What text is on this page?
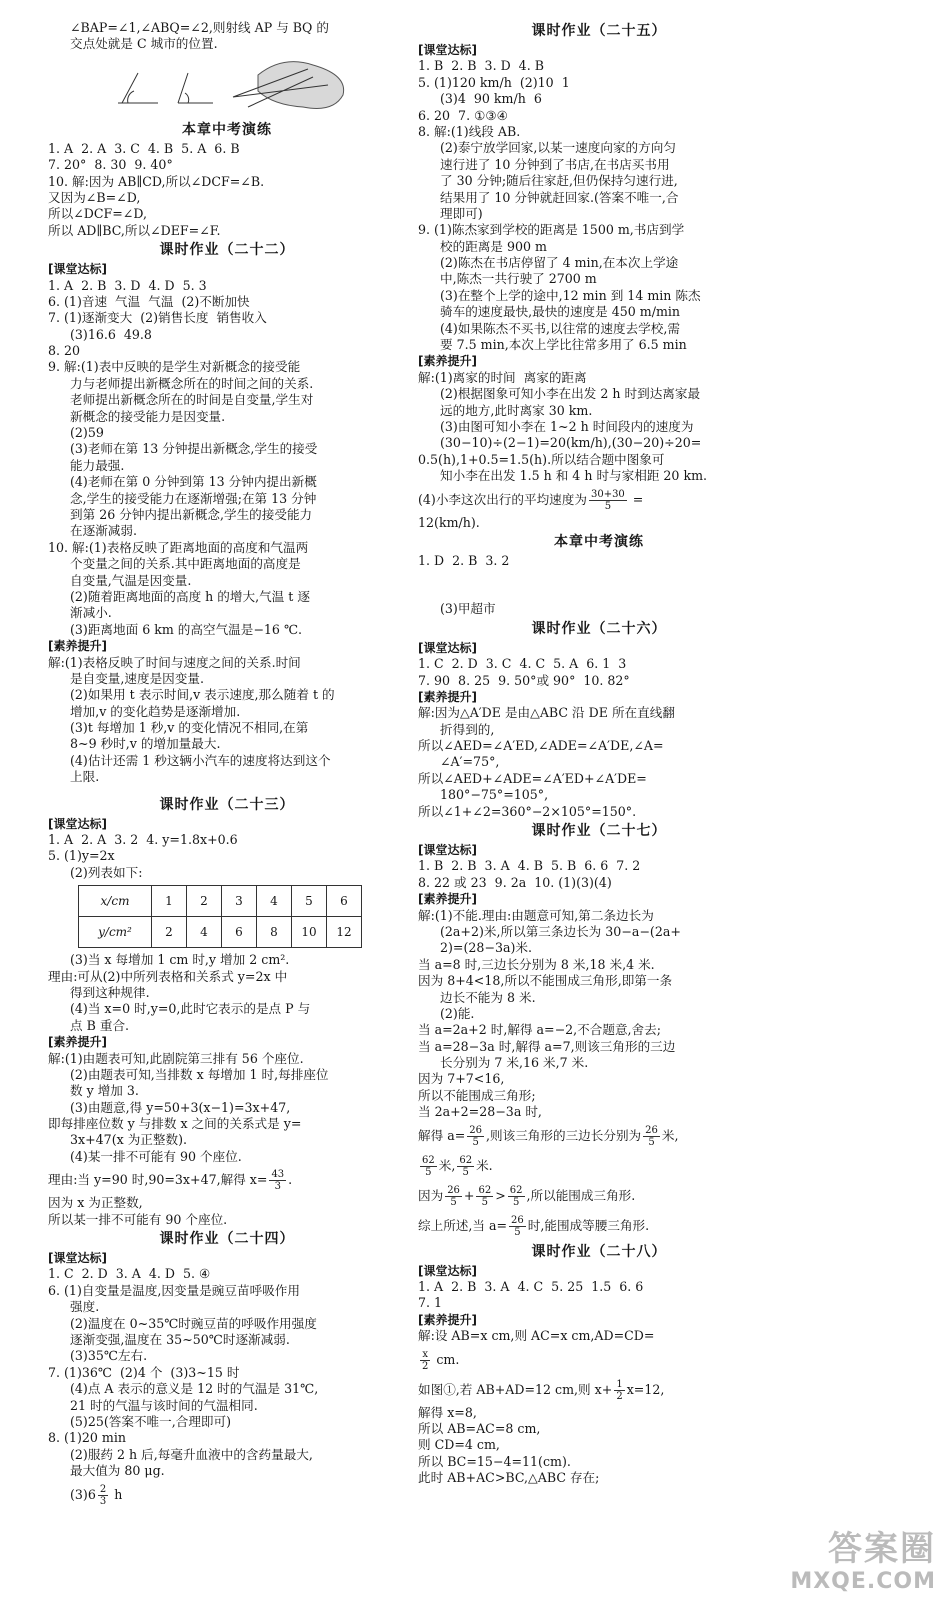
∠BAP=∠1,∠ABQ=∠2,则射线 AP 与 BQ 的
交点处就是 C 城市的位置.
本章中考演练
1. A  2. A  3. C  4. B  5. A  6. B
7. 20°  8. 30  9. 40°
10. 解:因为 AB∥CD,所以∠DCF=∠B.
又因为∠B=∠D,
所以∠DCF=∠D,
所以 AD∥BC,所以∠DEF=∠F.
课时作业（二十二）
[课堂达标]
1. A  2. B  3. D  4. D  5. 3
6. (1)音速  气温  气温  (2)不断加快
7. (1)逐渐变大  (2)销售长度  销售收入
(3)16.6  49.8
8. 20
9. 解:(1)表中反映的是学生对新概念的接受能
力与老师提出新概念所在的时间之间的关系.
老师提出新概念所在的时间是自变量,学生对
新概念的接受能力是因变量.
(2)59
(3)老师在第 13 分钟提出新概念,学生的接受
能力最强.
(4)老师在第 0 分钟到第 13 分钟内提出新概
念,学生的接受能力在逐渐增强;在第 13 分钟
到第 26 分钟内提出新概念,学生的接受能力
在逐渐减弱.
10. 解:(1)表格反映了距离地面的高度和气温两
个变量之间的关系.其中距离地面的高度是
自变量,气温是因变量.
(2)随着距离地面的高度 h 的增大,气温 t 逐
渐减小.
(3)距离地面 6 km 的高空气温是−16 ℃.
[素养提升]
解:(1)表格反映了时间与速度之间的关系.时间
是自变量,速度是因变量.
(2)如果用 t 表示时间,v 表示速度,那么随着 t 的
增加,v 的变化趋势是逐渐增加.
(3)t 每增加 1 秒,v 的变化情况不相同,在第
8~9 秒时,v 的增加量最大.
(4)估计还需 1 秒这辆小汽车的速度将达到这个
上限.
课时作业（二十三）
[课堂达标]
1. A  2. A  3. 2  4. y=1.8x+0.6
5. (1)y=2x
(2)列表如下:
x/cm	1	2	3	4	5	6
y/cm²	2	4	6	8	10	12
(3)当 x 每增加 1 cm 时,y 增加 2 cm².
理由:可从(2)中所列表格和关系式 y=2x 中
得到这种规律.
(4)当 x=0 时,y=0,此时它表示的是点 P 与
点 B 重合.
[素养提升]
解:(1)由题表可知,此剧院第三排有 56 个座位.
(2)由题表可知,当排数 x 每增加 1 时,每排座位
数 y 增加 3.
(3)由题意,得 y=50+3(x−1)=3x+47,
即每排座位数 y 与排数 x 之间的关系式是 y=
3x+47(x 为正整数).
(4)某一排不可能有 90 个座位.
理由:当 y=90 时,90=3x+47,解得 $x= \frac{43}{3}$ .
因为 x 为正整数,
所以某一排不可能有 90 个座位.
课时作业（二十四）
[课堂达标]
1. C  2. D  3. A  4. D  5. ④
6. (1)自变量是温度,因变量是豌豆苗呼吸作用
强度.
(2)温度在 0~35℃时豌豆苗的呼吸作用强度
逐渐变强,温度在 35~50℃时逐渐减弱.
(3)35℃左右.
7. (1)36℃  (2)4 个  (3)3~15 时
(4)点 A 表示的意义是 12 时的气温是 31℃,
21 时的气温与该时间的气温相同.
(5)25(答案不唯一,合理即可)
8. (1)20 min
(2)服药 2 h 后,每毫升血液中的含药量最大,
最大值为 80 μg.
$(3)6 \frac{2}{3}$ h
课时作业（二十五）
[课堂达标]
1. B  2. B  3. D  4. B
5. (1)120 km/h  (2)10  1
(3)4  90 km/h  6
6. 20  7. ①③④
8. 解:(1)线段 AB.
(2)泰宁放学回家,以某一速度向家的方向匀
速行进了 10 分钟到了书店,在书店买书用
了 30 分钟;随后往家赶,但仍保持匀速行进,
结果用了 10 分钟就赶回家.(答案不唯一,合
理即可)
9. (1)陈杰家到学校的距离是 1500 m,书店到学
校的距离是 900 m
(2)陈杰在书店停留了 4 min,在本次上学途
中,陈杰一共行驶了 2700 m
(3)在整个上学的途中,12 min 到 14 min 陈杰
骑车的速度最快,最快的速度是 450 m/min
(4)如果陈杰不买书,以往常的速度去学校,需
要 7.5 min,本次上学比往常多用了 6.5 min
[素养提升]
解:(1)离家的时间  离家的距离
(2)根据图象可知小李在出发 2 h 时到达离家最
远的地方,此时离家 30 km.
(3)由图可知小李在 1~2 h 时间段内的速度为
(30−10)÷(2−1)=20(km/h),(30−20)÷20=
0.5(h),1+0.5=1.5(h).所以结合题中图象可
知小李在出发 1.5 h 和 4 h 时与家相距 20 km.
(4)小李这次出行的平均速度为 $\frac{30+30}{5}$ =
12(km/h).
本章中考演练
1. D  2. B  3. 2

(3)甲超市
课时作业（二十六）
[课堂达标]
1. C  2. D  3. C  4. C  5. A  6. 1  3
7. 90  8. 25  9. 50°或 90°  10. 82°
[素养提升]
解:因为△A′DE 是由△ABC 沿 DE 所在直线翻
折得到的,
所以∠AED=∠A′ED,∠ADE=∠A′DE,∠A=
∠A′=75°,
所以∠AED+∠ADE=∠A′ED+∠A′DE=
180°−75°=105°,
所以∠1+∠2=360°−2×105°=150°.
课时作业（二十七）
[课堂达标]
1. B  2. B  3. A  4. B  5. B  6. 6  7. 2
8. 22 或 23  9. 2a  10. (1)(3)(4)
[素养提升]
解:(1)不能.理由:由题意可知,第二条边长为
(2a+2)米,所以第三条边长为 30−a−(2a+
2)=(28−3a)米.
当 a=8 时,三边长分别为 8 米,18 米,4 米.
因为 8+4<18,所以不能围成三角形,即第一条
边长不能为 8 米.
(2)能.
当 a=2a+2 时,解得 a=−2,不合题意,舍去;
当 a=28−3a 时,解得 a=7,则该三角形的三边
长分别为 7 米,16 米,7 米.
因为 7+7<16,
所以不能围成三角形;
当 2a+2=28−3a 时,
解得 $a= \frac{26}{5}$ ,则该三角形的三边长分别为 $\frac{26}{5}$ 米,
$\frac{62}{5}$ 米, $\frac{62}{5}$ 米.
因为 $\frac{26}{5} + \frac{62}{5} > \frac{62}{5}$ ,所以能围成三角形.
综上所述,当 $a= \frac{26}{5}$ 时,能围成等腰三角形.
课时作业（二十八）
[课堂达标]
1. A  2. B  3. A  4. C  5. 25  1.5  6. 6
7. 1
[素养提升]
解:设 AB=x cm,则 AC=x cm,AD=CD=
$\frac{x}{2}$ cm.
如图①,若 AB+AD=12 cm,则 $x+ \frac{1}{2} x=12$,
解得 x=8,
所以 AB=AC=8 cm,
则 CD=4 cm,
所以 BC=15−4=11(cm).
此时 AB+AC>BC,△ABC 存在;
答案圈
MXQE.COM
